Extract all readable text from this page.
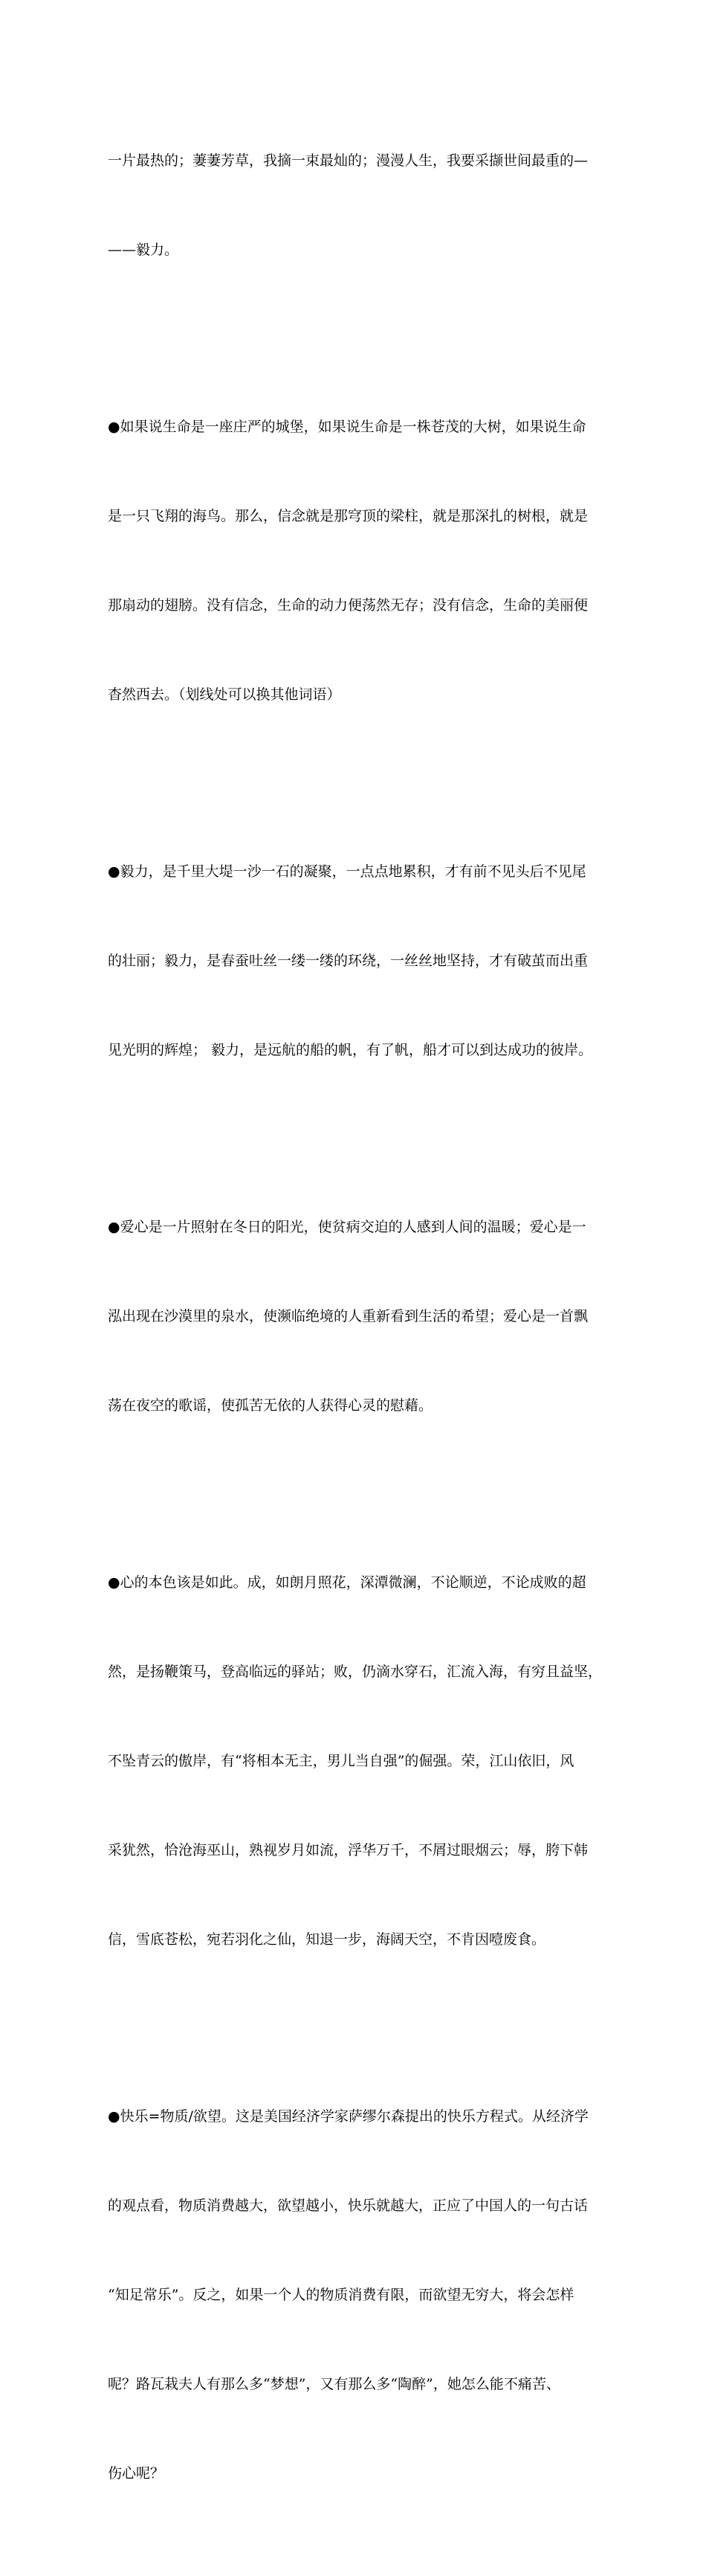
一片最热的；萋萋芳草，我摘一束最灿的；漫漫人生，我要采撷世间最重的—

——毅力。

●如果说生命是一座庄严的城堡，如果说生命是一株苍茂的大树，如果说生命

是一只飞翔的海鸟。那么，信念就是那穹顶的梁柱，就是那深扎的树根，就是

那扇动的翅膀。没有信念，生命的动力便荡然无存；没有信念，生命的美丽便

杳然西去。（划线处可以换其他词语）

●毅力，是千里大堤一沙一石的凝聚，一点点地累积，才有前不见头后不见尾

的壮丽；毅力，是春蚕吐丝一缕一缕的环绕，一丝丝地坚持，才有破茧而出重

见光明的辉煌； 毅力，是远航的船的帆，有了帆，船才可以到达成功的彼岸。

●爱心是一片照射在冬日的阳光，使贫病交迫的人感到人间的温暖；爱心是一

泓出现在沙漠里的泉水，使濒临绝境的人重新看到生活的希望；爱心是一首飘

荡在夜空的歌谣，使孤苦无依的人获得心灵的慰藉。

●心的本色该是如此。成，如朗月照花，深潭微澜，不论顺逆，不论成败的超

然，是扬鞭策马，登高临远的驿站；败，仍滴水穿石，汇流入海，有穷且益坚，

不坠青云的傲岸，有“将相本无主，男儿当自强”的倔强。荣，江山依旧，风

采犹然，恰沧海巫山，熟视岁月如流，浮华万千，不屑过眼烟云；辱，胯下韩

信，雪底苍松，宛若羽化之仙，知退一步，海阔天空，不肯因噎废食。

●快乐=物质/欲望。这是美国经济学家萨缪尔森提出的快乐方程式。从经济学

的观点看，物质消费越大，欲望越小，快乐就越大，正应了中国人的一句古话

“知足常乐”。反之，如果一个人的物质消费有限，而欲望无穷大，将会怎样

呢？路瓦栽夫人有那么多“梦想”，又有那么多“陶醉”，她怎么能不痛苦、

伤心呢？
